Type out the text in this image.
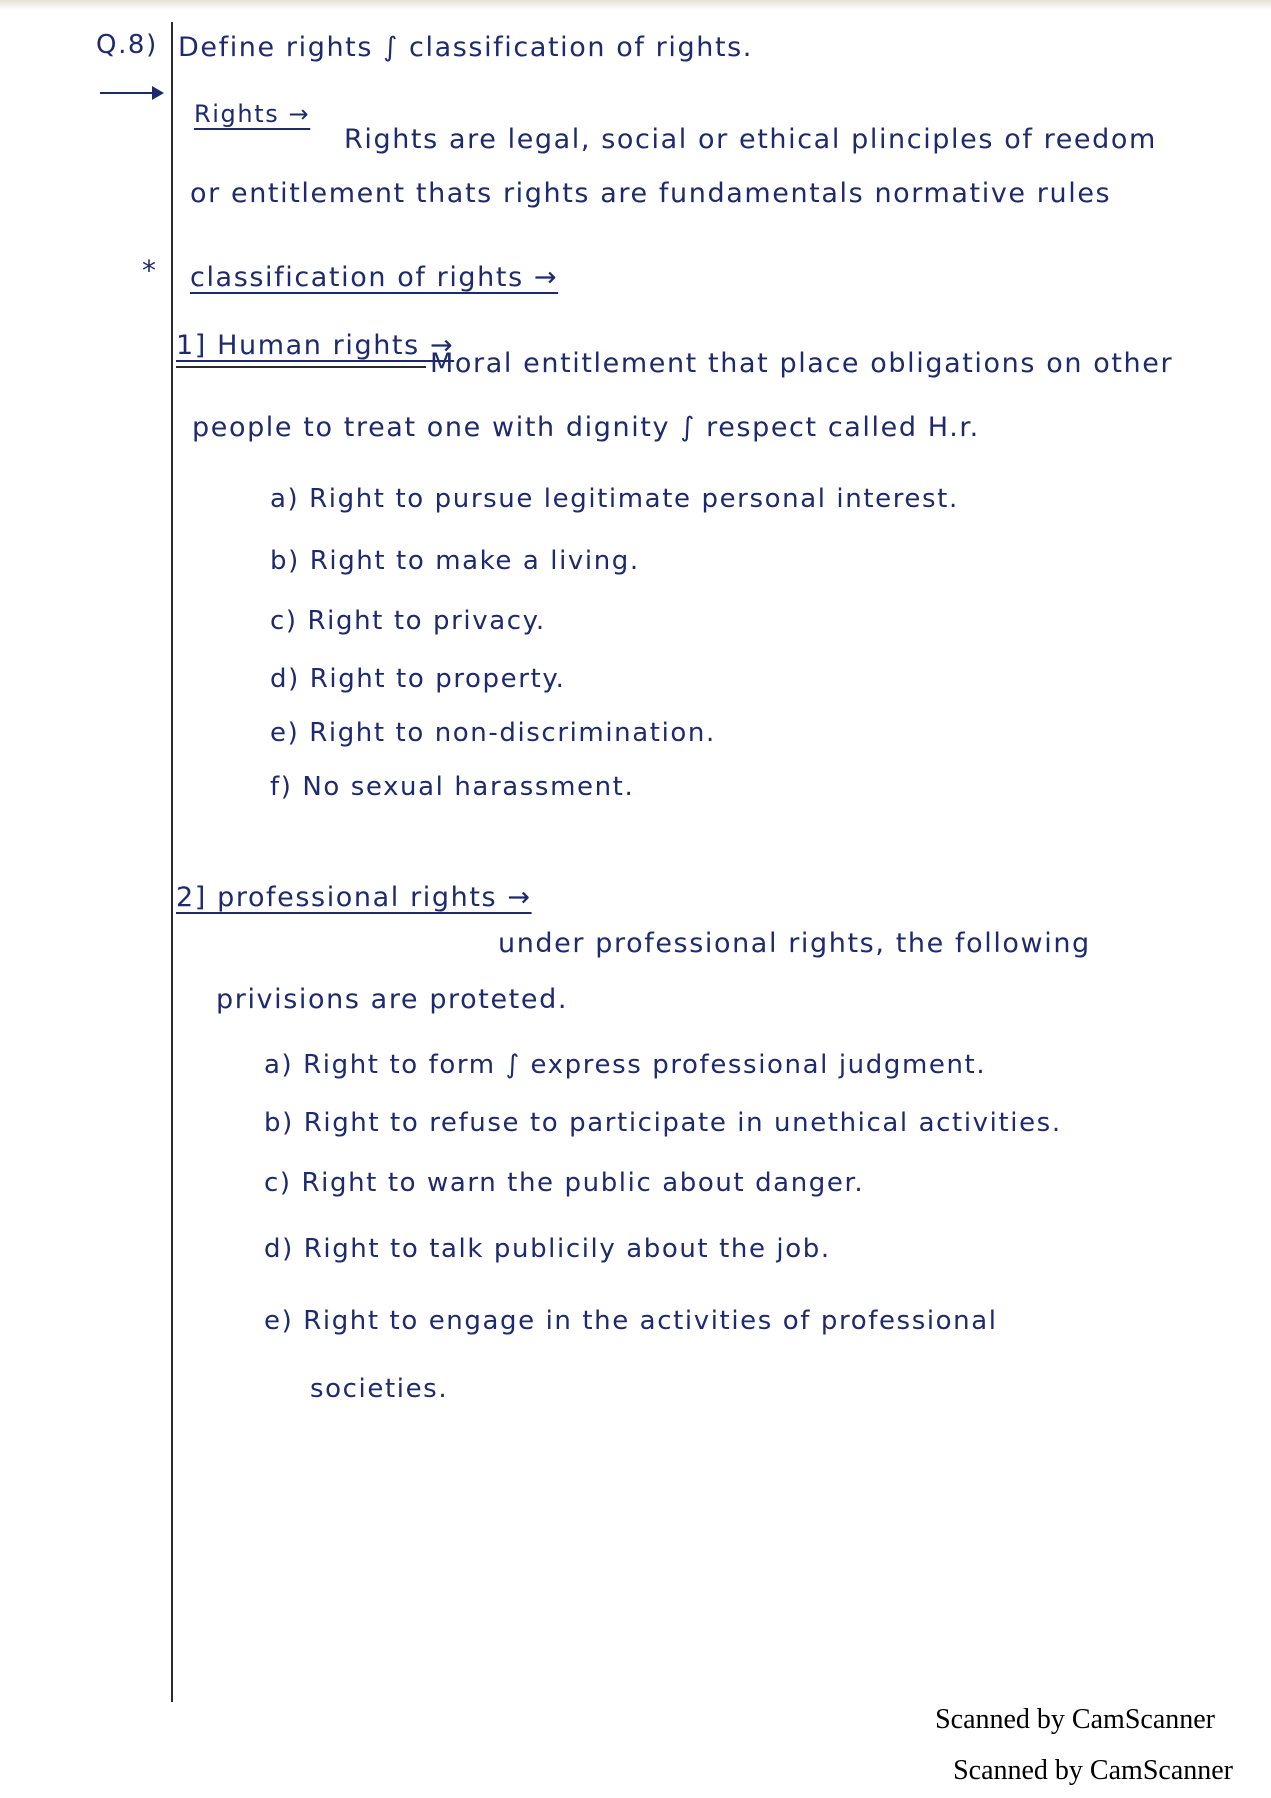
Q.8) Define rights ∫ classification of rights.
Rights →
Rights are legal, social or ethical plinciples of reedom
or entitlement thats rights are fundamentals normative rules
* classification of rights →
1] Human rights →
Moral entitlement that place obligations on other
people to treat one with dignity ∫ respect called H.r.
a) Right to pursue legitimate personal interest.
b) Right to make a living.
c) Right to privacy.
d) Right to property.
e) Right to non-discrimination.
f) No sexual harassment.
2] professional rights →
under professional rights, the following
privisions are proteted.
a) Right to form ∫ express professional judgment.
b) Right to refuse to participate in unethical activities.
c) Right to warn the public about danger.
d) Right to talk publicily about the job.
e) Right to engage in the activities of professional
societies.
Scanned by CamScanner
Scanned by CamScanner
